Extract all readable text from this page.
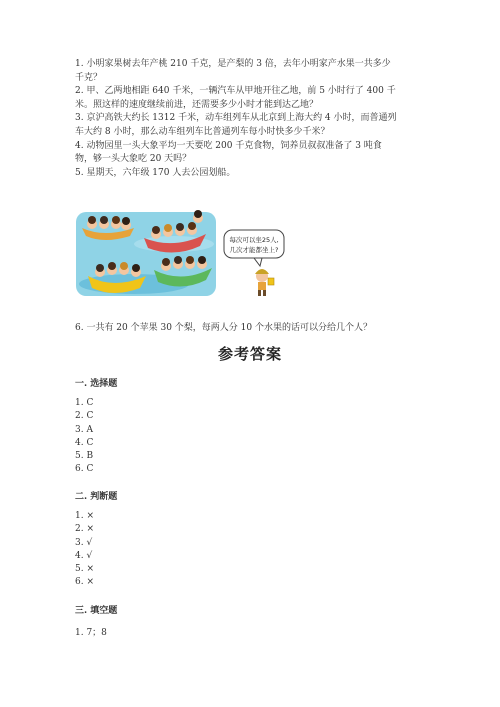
1. 小明家果树去年产桃 210 千克，是产梨的 3 倍，去年小明家产水果一共多少
千克？
2. 甲、乙两地相距 640 千米，一辆汽车从甲地开往乙地，前 5 小时行了 400 千
米。照这样的速度继续前进，还需要多少小时才能到达乙地？
3. 京沪高铁大约长 1312 千米，动车组列车从北京到上海大约 4 小时，而普通列
车大约 8 小时，那么动车组列车比普通列车每小时快多少千米？
4. 动物园里一头大象平均一天要吃 200 千克食物，饲养员叔叔准备了 3 吨食
物，够一头大象吃 20 天吗？
5. 星期天，六年级 170 人去公园划船。
每次可以坐25人,
几次才能都坐上?
6. 一共有 20 个苹果 30 个梨，每两人分 10 个水果的话可以分给几个人？
参考答案
一. 选择题
1. C
2. C
3. A
4. C
5. B
6. C
二. 判断题
1. ×
2. ×
3. √
4. √
5. ×
6. ×
三. 填空题
1. 7；8
